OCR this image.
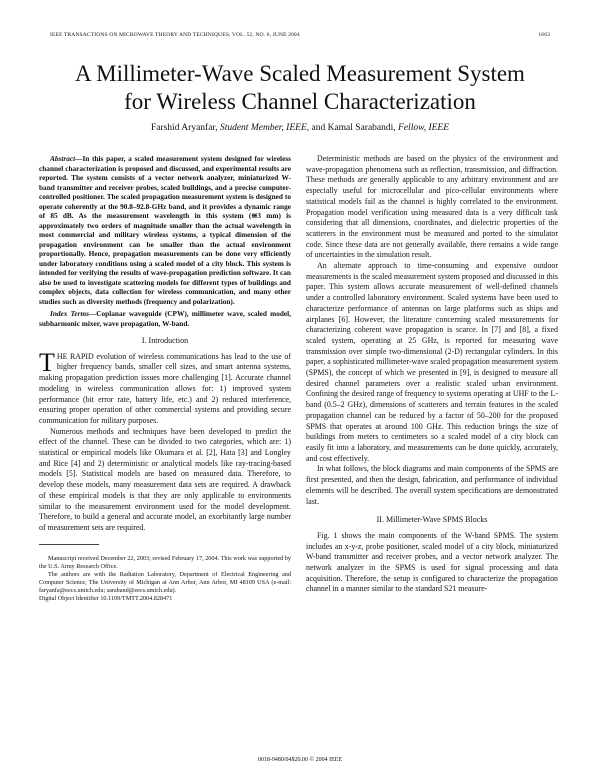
IEEE TRANSACTIONS ON MICROWAVE THEORY AND TECHNIQUES, VOL. 52, NO. 6, JUNE 2004	1663
A Millimeter-Wave Scaled Measurement System
for Wireless Channel Characterization
Farshid Aryanfar, Student Member, IEEE, and Kamal Sarabandi, Fellow, IEEE

Abstract—In this paper, a scaled measurement system designed for wireless channel characterization is proposed and discussed, and experimental results are reported. The system consists of a vector network analyzer, miniaturized W-band transmitter and receiver probes, scaled buildings, and a precise computer-controlled positioner. The scaled propagation measurement system is designed to operate coherently at the 90.8–92.8-GHz band, and it provides a dynamic range of 85 dB. As the measurement wavelength in this system (≅3 mm) is approximately two orders of magnitude smaller than the actual wavelength in most commercial and military wireless systems, a typical dimension of the propagation environment can be smaller than the actual environment proportionally. Hence, propagation measurements can be done very efficiently under laboratory conditions using a scaled model of a city block. This system is intended for verifying the results of wave-propagation prediction software. It can also be used to investigate scattering models for different types of buildings and complex objects, data collection for wireless communication, and many other studies such as diversity methods (frequency and polarization).

Index Terms—Coplanar waveguide (CPW), millimeter wave, scaled model, subharmonic mixer, wave propagation, W-band.

I. Introduction

THE RAPID evolution of wireless communications has lead to the use of higher frequency bands, smaller cell sizes, and smart antenna systems, making propagation prediction issues more challenging [1]. Accurate channel modeling in wireless communication allows for: 1) improved system performance (bit error rate, battery life, etc.) and 2) reduced interference, ensuring proper operation of other commercial systems and providing secure communication for military purposes.

Numerous methods and techniques have been developed to predict the effect of the channel. These can be divided to two categories, which are: 1) statistical or empirical models like Okumara et al. [2], Hata [3] and Longley and Rice [4] and 2) deterministic or analytical models like ray-tracing-based models [5]. Statistical models are based on measured data. Therefore, to develop these models, many measurement data sets are required. A drawback of these empirical models is that they are only applicable to environments similar to the measurement environment used for the model development. Therefore, to build a general and accurate model, an exorbitantly large number of measurement sets are required.

Manuscript received December 22, 2003; revised February 17, 2004. This work was supported by the U.S. Army Research Office.

The authors are with the Radiation Laboratory, Department of Electrical Engineering and Computer Science, The University of Michigan at Ann Arbor, Ann Arbor, MI 48109 USA (e-mail: faryanfa@eecs.umich.edu; saraband@eecs.umich.edu).

Digital Object Identifier 10.1109/TMTT.2004.828471

Deterministic methods are based on the physics of the environment and wave-propagation phenomena such as reflection, transmission, and diffraction. These methods are generally applicable to any arbitrary environment and are especially useful for microcellular and pico-cellular environments where statistical models fail as the channel is highly correlated to the environment. Propagation model verification using measured data is a very difficult task considering that all dimensions, coordinates, and dielectric properties of the scatterers in the environment must be measured and ported to the simulator code. Since these data are not generally available, there remains a wide range of uncertainties in the simulation result.

An alternate approach to time-consuming and expensive outdoor measurements is the scaled measurement system proposed and discussed in this paper. This system allows accurate measurement of well-defined channels under a controlled laboratory environment. Scaled systems have been used to characterize performance of antennas on large platforms such as ships and airplanes [6]. However, the literature concerning scaled measurements for characterizing coherent wave propagation is scarce. In [7] and [8], a fixed scaled system, operating at 25 GHz, is reported for measuring wave transmission over simple two-dimensional (2-D) rectangular cylinders. In this paper, a sophisticated millimeter-wave scaled propagation measurement system (SPMS), the concept of which we presented in [9], is designed to measure all desired channel parameters over a realistic scaled urban environment. Confining the desired range of frequency to systems operating at UHF to the L-band (0.5–2 GHz), dimensions of scatterers and terrain features in the scaled propagation channel can be reduced by a factor of 50–200 for the proposed SPMS that operates at around 100 GHz. This reduction brings the size of buildings from meters to centimeters so a scaled model of a city block can easily fit into a laboratory, and measurements can be done quickly, accurately, and cost effectively.

In what follows, the block diagrams and main components of the SPMS are first presented, and then the design, fabrication, and performance of individual elements will be described. The overall system specifications are demonstrated last.

II. Millimeter-Wave SPMS Blocks

Fig. 1 shows the main components of the W-band SPMS. The system includes an x-y-z, probe positioner, scaled model of a city block, miniaturized W-band transmitter and receiver probes, and a vector network analyzer. The network analyzer in the SPMS is used for signal processing and data acquisition. Therefore, the setup is configured to characterize the propagation channel in a manner similar to the standard S21 measure-

0018-9480/04$20.00 © 2004 IEEE
